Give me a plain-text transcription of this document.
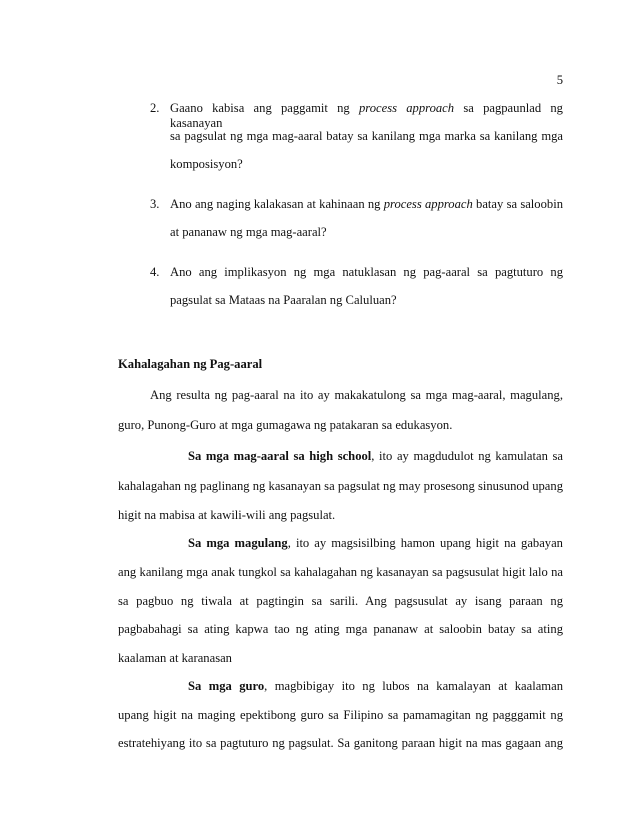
5
2. Gaano kabisa ang paggamit ng process approach sa pagpaunlad ng kasanayan
sa pagsulat ng mga mag-aaral batay sa kanilang mga marka sa kanilang mga
komposisyon?
3. Ano ang naging kalakasan at kahinaan ng process approach batay sa saloobin
at pananaw ng mga mag-aaral?
4. Ano ang implikasyon ng mga natuklasan ng pag-aaral sa pagtuturo ng
pagsulat sa Mataas na Paaralan ng Caluluan?
Kahalagahan ng Pag-aaral
Ang resulta ng pag-aaral na ito ay makakatulong sa mga mag-aaral, magulang,
guro, Punong-Guro at mga gumagawa ng patakaran sa edukasyon.
Sa mga mag-aaral sa high school, ito ay magdudulot ng kamulatan sa
kahalagahan ng paglinang ng kasanayan sa pagsulat ng may prosesong sinusunod upang
higit na mabisa at kawili-wili ang pagsulat.
Sa mga magulang, ito ay magsisilbing hamon upang higit na gabayan
ang kanilang mga anak tungkol sa kahalagahan ng kasanayan sa pagsusulat higit lalo na
sa pagbuo ng tiwala at pagtingin sa sarili. Ang pagsusulat ay isang paraan ng
pagbabahagi sa ating kapwa tao ng ating mga pananaw at saloobin batay sa ating
kaalaman at karanasan
Sa mga guro, magbibigay ito ng lubos na kamalayan at kaalaman
upang higit na maging epektibong guro sa Filipino sa pamamagitan ng pagggamit ng
estratehiyang ito sa pagtuturo ng pagsulat. Sa ganitong paraan higit na mas gagaan ang
